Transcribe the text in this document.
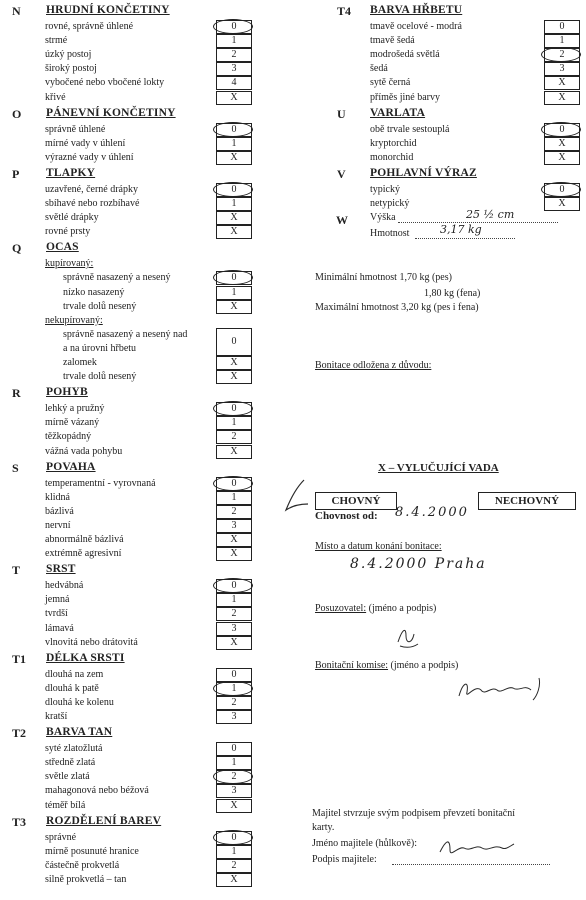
W Výška	25 ½ cm
Hmotnost	3,17 kg
Minimální hmotnost 1,70 kg (pes)
1,80 kg (fena)
Maximální hmotnost 3,20 kg (pes i fena)
Bonitace odložena z důvodu:
X – VYLUČUJÍCÍ VADA
CHOVNÝ	NECHOVNÝ
Chovnost od: 8.4.2000
Místo a datum konání bonitace:
8.4.2000 Praha
Posuzovatel: (jméno a podpis)
Bonitační komise: (jméno a podpis)
Majitel stvrzuje svým podpisem převzetí bonitační
karty.
Jméno majitele (hůlkově):
Podpis majitele:
N HRUDNÍ KONČETINY
rovné, správně úhlené	0
strmé	1
úzký postoj	2
široký postoj	3
vybočené nebo vbočené lokty	4
křivé	X
O PÁNEVNÍ KONČETINY
správně úhlené	0
mírné vady v úhlení	1
výrazné vady v úhlení	X
P TLAPKY
uzavřené, černé drápky	0
sbíhavé nebo rozbíhavé	1
světlé drápky	X
rovné prsty	X
Q OCAS
kupírovaný:
správně nasazený a nesený	0
nízko nasazený	1
trvale dolů nesený	X
nekupírovaný:
správně nasazený a nesený nad
a na úrovni hřbetu
0
zalomek	X
trvale dolů nesený	X
R POHYB
lehký a pružný	0
mírně vázaný	1
těžkopádný	2
vážná vada pohybu	X
S POVAHA
temperamentní - vyrovnaná	0
klidná	1
bázlivá	2
nervní	3
abnormálně bázlivá	X
extrémně agresivní	X
T SRST
hedvábná	0
jemná	1
tvrdší	2
lámavá	3
vlnovitá nebo drátovitá	X
T1 DÉLKA SRSTI
dlouhá na zem	0
dlouhá k patě	1
dlouhá ke kolenu	2
kratší	3
T2 BARVA TAN
syté zlatožlutá	0
středně zlatá	1
světle zlatá	2
mahagonová nebo béžová	3
téměř bílá	X
T3 ROZDĚLENÍ BAREV
správné	0
mírně posunuté hranice	1
částečně prokvetlá	2
silně prokvetlá – tan	X
T4 BARVA HŘBETU
tmavě ocelové - modrá	0
tmavě šedá	1
modrošedá světlá	2
šedá	3
sytě černá	X
příměs jiné barvy	X
U VARLATA
obě trvale sestouplá	0
kryptorchid	X
monorchid	X
V POHLAVNÍ VÝRAZ
typický	0
netypický	X
